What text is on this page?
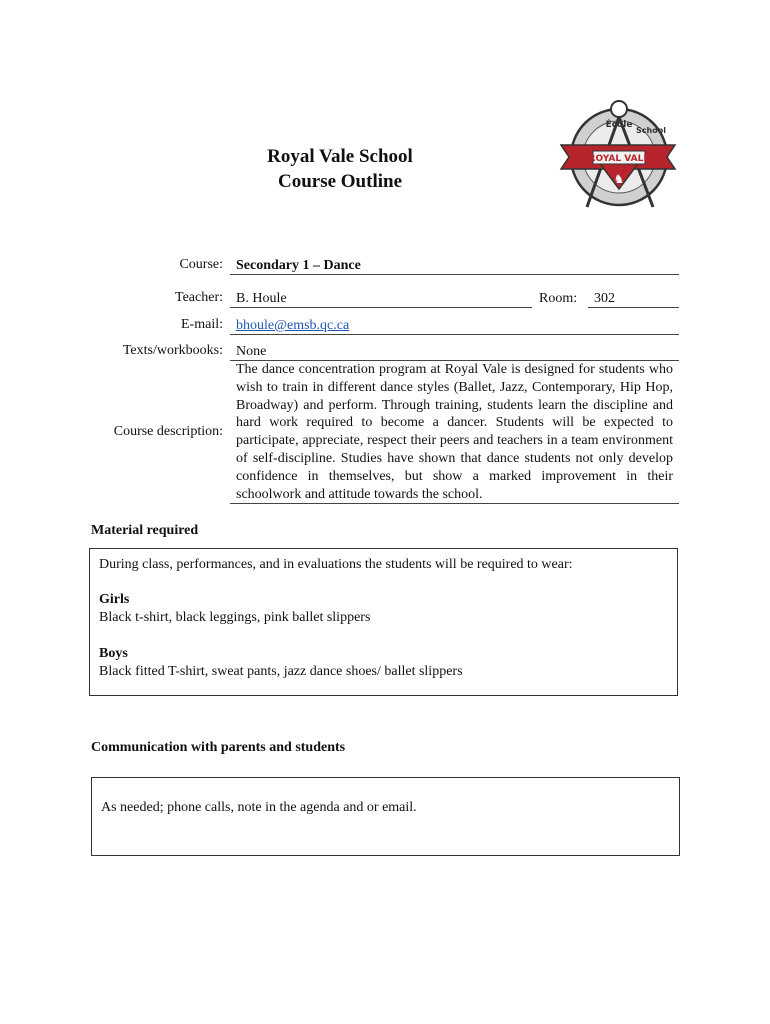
Royal Vale School
Course Outline
École
ROYAL VALE
School
♞
Course: Secondary 1 – Dance
Teacher: B. Houle	Room: 302
E-mail: bhoule@emsb.qc.ca
Texts/workbooks: None
Course description:
The dance concentration program at Royal Vale is designed for students who wish to train in different dance styles (Ballet, Jazz, Contemporary, Hip Hop, Broadway) and perform. Through training, students learn the discipline and hard work required to become a dancer. Students will be expected to participate, appreciate, respect their peers and teachers in a team environment of self-discipline. Studies have shown that dance students not only develop confidence in themselves, but show a marked improvement in their schoolwork and attitude towards the school.
Material required

During class, performances, and in evaluations the students will be required to wear:

Girls

Black t-shirt, black leggings, pink ballet slippers

Boys

Black fitted T-shirt, sweat pants, jazz dance shoes/ ballet slippers

Communication with parents and students

As needed; phone calls, note in the agenda and or email.
